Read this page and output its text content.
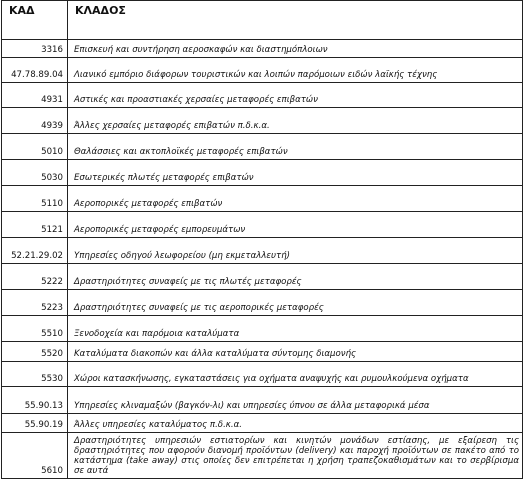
ΚΑΔ	ΚΛΑΔΟΣ
3316	Επισκευή και συντήρηση αεροσκαφών και διαστημόπλοιων
47.78.89.04	Λιανικό εμπόριο διάφορων τουριστικών και λοιπών παρόμοιων ειδών λαϊκής τέχνης
4931	Αστικές και προαστιακές χερσαίες μεταφορές επιβατών
4939	Άλλες χερσαίες μεταφορές επιβατών π.δ.κ.α.
5010	Θαλάσσιες και ακτοπλοϊκές μεταφορές επιβατών
5030	Εσωτερικές πλωτές μεταφορές επιβατών
5110	Αεροπορικές μεταφορές επιβατών
5121	Αεροπορικές μεταφορές εμπορευμάτων
52.21.29.02	Υπηρεσίες οδηγού λεωφορείου (μη εκμεταλλευτή)
5222	Δραστηριότητες συναφείς με τις πλωτές μεταφορές
5223	Δραστηριότητες συναφείς με τις αεροπορικές μεταφορές
5510	Ξενοδοχεία και παρόμοια καταλύματα
5520	Καταλύματα διακοπών και άλλα καταλύματα σύντομης διαμονής
5530	Χώροι κατασκήνωσης, εγκαταστάσεις για οχήματα αναψυχής και ρυμουλκούμενα οχήματα
55.90.13	Υπηρεσίες κλιναμαξών (βαγκόν-λι) και υπηρεσίες ύπνου σε άλλα μεταφορικά μέσα
55.90.19	Άλλες υπηρεσίες καταλύματος π.δ.κ.α.
5610	Δραστηριότητες υπηρεσιών εστιατορίων και κινητών μονάδων εστίασης, με εξαίρεση τις δραστηριότητες που αφορούν διανομή προϊόντων (delivery) και παροχή προϊόντων σε πακέτο από το κατάστημα (take away) στις οποίες δεν επιτρέπεται η χρήση τραπεζοκαθισμάτων και το σερβίρισμα σε αυτά
